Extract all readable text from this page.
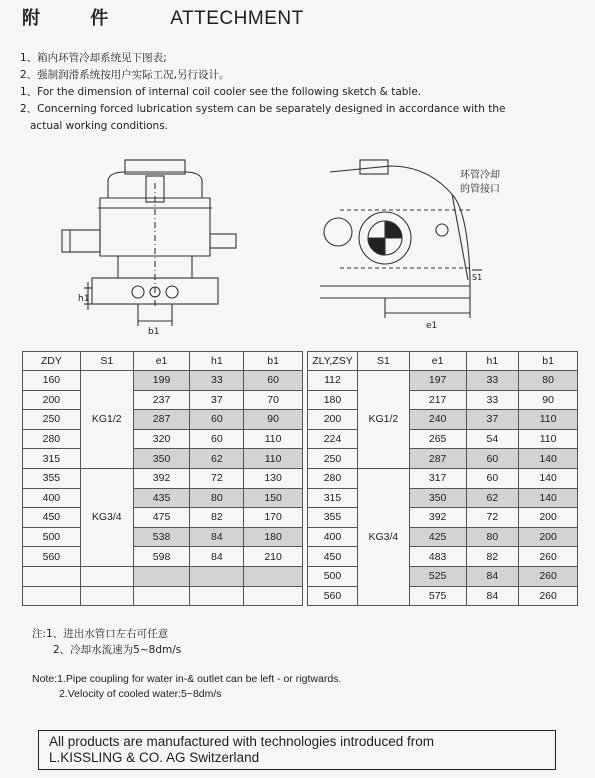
附 件 ATTECHMENT
1、箱内环管冷却系统见下图表;
2、强制润滑系统按用户实际工况,另行设计。
1、For the dimension of internal coil cooler see the following sketch & table.
2、Concerning forced lubrication system can be separately designed in accordance with the
actual working conditions.
h1
b1
e1
S1
环管冷却
的管接口
ZDY	S1	e1	h1	b1
160	KG1/2	199	33	60
200		237	37	70
250		287	60	90
280		320	60	110
315		350	62	110
355	KG3/4	392	72	130
400		435	80	150
450		475	82	170
500		538	84	180
560		598	84	210

ZLY,ZSY	S1	e1	h1	b1
112	KG1/2	197	33	80
180		217	33	90
200		240	37	110
224		265	54	110
250		287	60	140
280	KG3/4	317	60	140
315		350	62	140
355		392	72	200
400		425	80	200
450		483	82	260
500		525	84	260
560		575	84	260
注:1、进出水管口左右可任意
2、冷却水流速为5~8dm/s
Note:1.Pipe coupling for water in-& outlet can be left - or rigtwards.
2.Velocity of cooled water:5~8dm/s
All products are manufactured with technologies introduced from
L.KISSLING & CO. AG Switzerland
